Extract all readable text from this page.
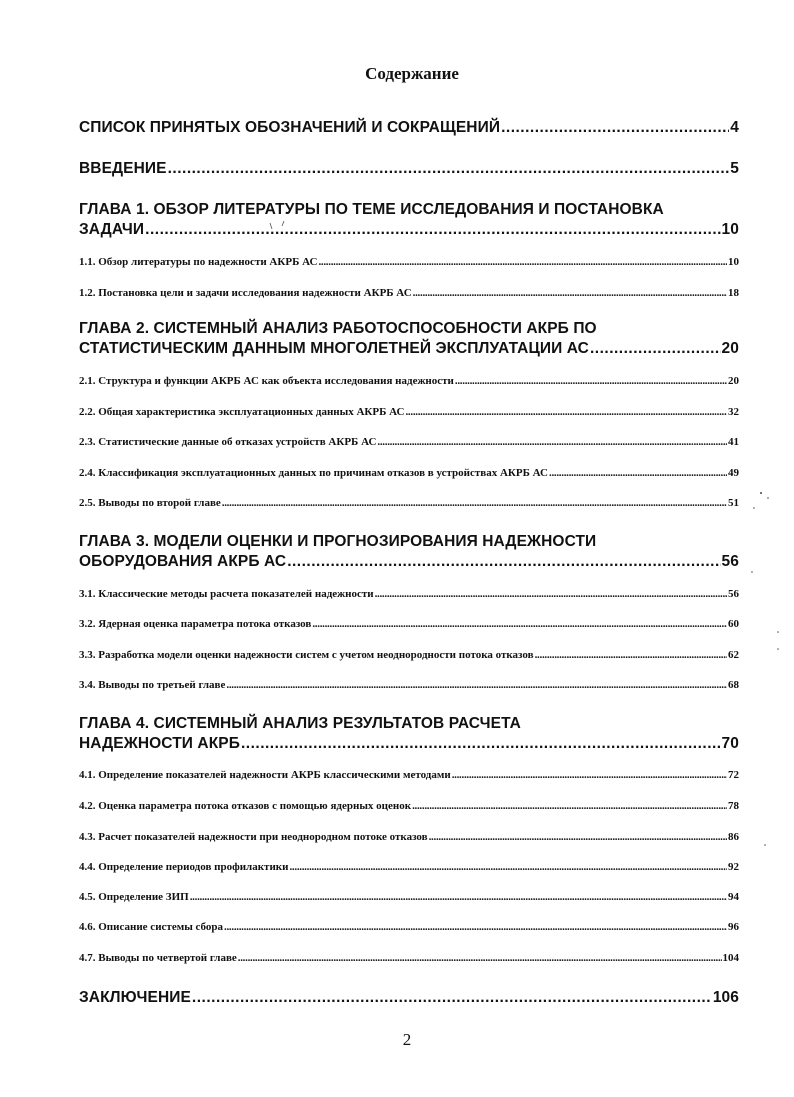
Содержание
СПИСОК ПРИНЯТЫХ ОБОЗНАЧЕНИЙ И СОКРАЩЕНИЙ .....	4
ВВЕДЕНИЕ .....	5
ГЛАВА 1. ОБЗОР ЛИТЕРАТУРЫ ПО ТЕМЕ ИССЛЕДОВАНИЯ И ПОСТАНОВКА
ЗАДАЧИ .....	10
1.1. Обзор литературы по надежности АКРБ АС .....	10
1.2. Постановка цели и задачи исследования надежности АКРБ АС .....	18
ГЛАВА 2. СИСТЕМНЫЙ АНАЛИЗ РАБОТОСПОСОБНОСТИ АКРБ ПО
СТАТИСТИЧЕСКИМ ДАННЫМ МНОГОЛЕТНЕЙ ЭКСПЛУАТАЦИИ АС .....	20
2.1. Структура и функции АКРБ АС как объекта исследования надежности .....	20
2.2. Общая характеристика эксплуатационных данных АКРБ АС .....	32
2.3. Статистические данные об отказах устройств АКРБ АС .....	41
2.4. Классификация эксплуатационных данных по причинам отказов в устройствах АКРБ АС .....	49
2.5. Выводы по второй главе .....	51
ГЛАВА 3. МОДЕЛИ ОЦЕНКИ И ПРОГНОЗИРОВАНИЯ НАДЕЖНОСТИ
ОБОРУДОВАНИЯ АКРБ АС .....	56
3.1. Классические методы расчета показателей надежности .....	56
3.2. Ядерная оценка параметра потока отказов .....	60
3.3. Разработка модели оценки надежности систем с учетом неоднородности потока отказов .....	62
3.4. Выводы по третьей главе .....	68
ГЛАВА 4. СИСТЕМНЫЙ АНАЛИЗ РЕЗУЛЬТАТОВ РАСЧЕТА
НАДЕЖНОСТИ АКРБ .....	70
4.1. Определение показателей надежности АКРБ классическими методами .....	72
4.2. Оценка параметра потока отказов с помощью ядерных оценок .....	78
4.3. Расчет показателей надежности при неоднородном потоке отказов .....	86
4.4. Определение периодов профилактики .....	92
4.5. Определение ЗИП .....	94
4.6. Описание системы сбора .....	96
4.7. Выводы по четвертой главе .....	104
ЗАКЛЮЧЕНИЕ .....	106
2
